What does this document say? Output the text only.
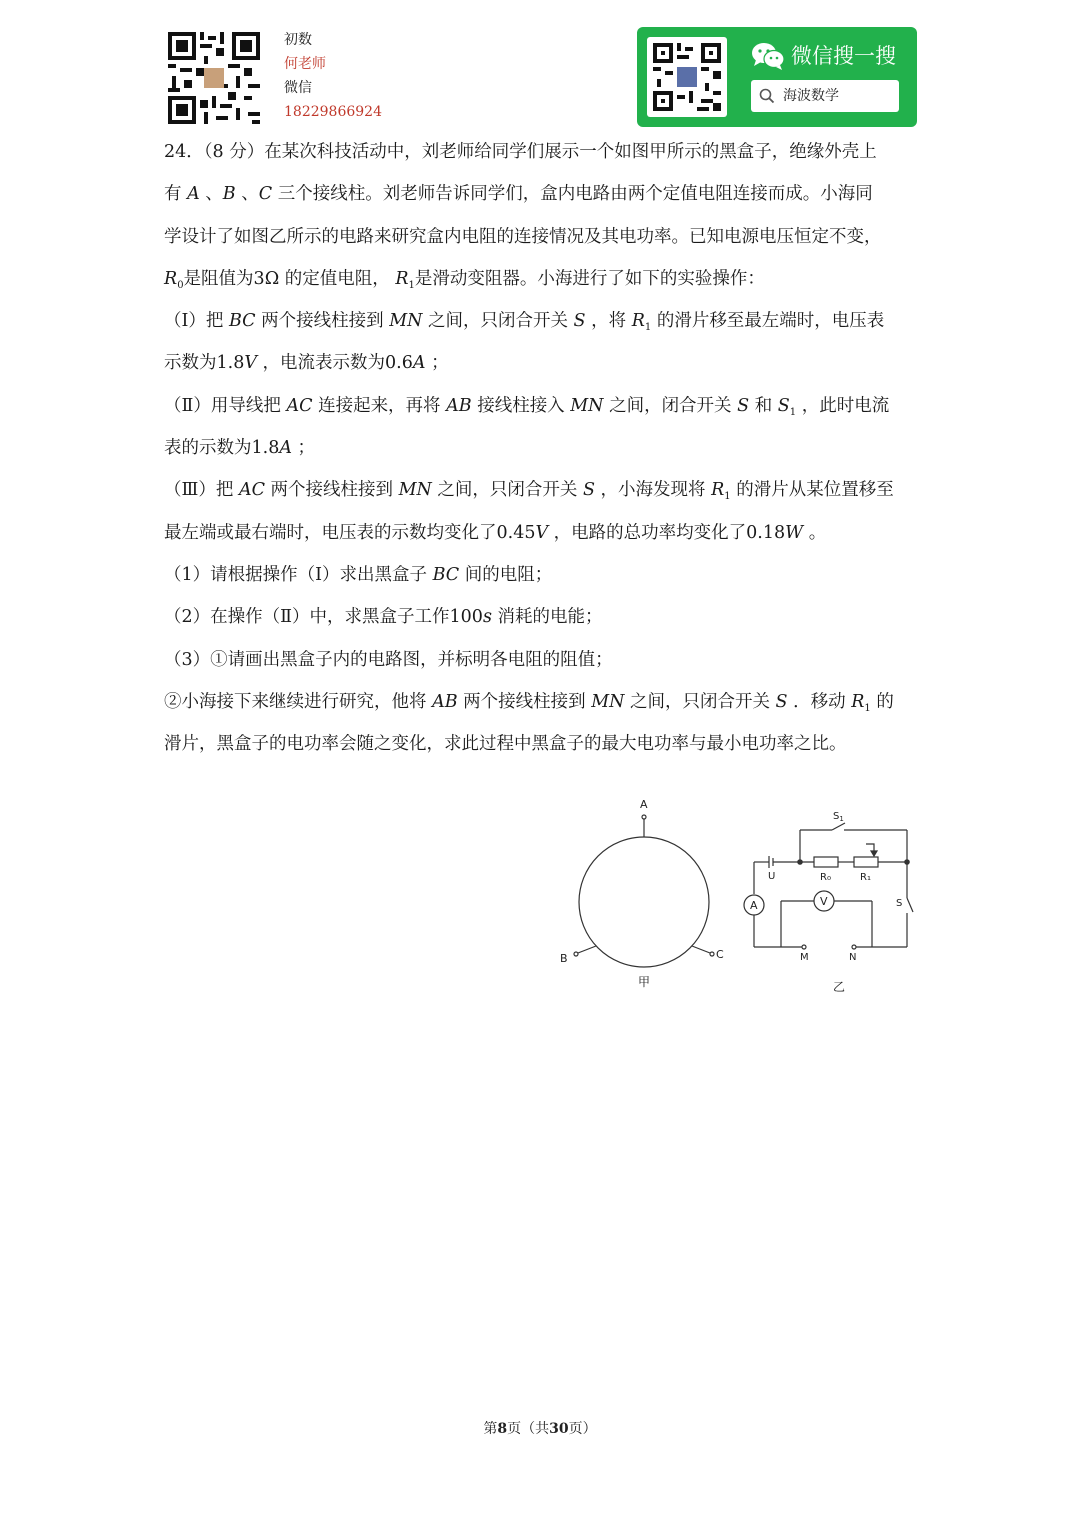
初数
何老师
微信
18229866924
微信搜一搜
海波数学
24．（8 分）在某次科技活动中，刘老师给同学们展示一个如图甲所示的黑盒子，绝缘外壳上
有 A 、B 、C 三个接线柱。刘老师告诉同学们，盒内电路由两个定值电阻连接而成。小海同
学设计了如图乙所示的电路来研究盒内电阻的连接情况及其电功率。已知电源电压恒定不变，
$R_0$是阻值为3Ω 的定值电阻， $R_1$是滑动变阻器。小海进行了如下的实验操作：
（Ⅰ）把 BC 两个接线柱接到 MN 之间，只闭合开关 S ，将 $R_1$ 的滑片移至最左端时，电压表
示数为1.8V ，电流表示数为0.6A ；
（Ⅱ）用导线把 AC 连接起来，再将 AB 接线柱接入 MN 之间，闭合开关 S 和 $S_1$ ，此时电流
表的示数为1.8A ；
（Ⅲ）把 AC 两个接线柱接到 MN 之间，只闭合开关 S ，小海发现将 $R_1$ 的滑片从某位置移至
最左端或最右端时，电压表的示数均变化了0.45V ，电路的总功率均变化了0.18W 。
（1）请根据操作（Ⅰ）求出黑盒子 BC 间的电阻；
（2）在操作（Ⅱ）中，求黑盒子工作100s 消耗的电能；
（3）①请画出黑盒子内的电路图，并标明各电阻的阻值；
②小海接下来继续进行研究，他将 AB 两个接线柱接到 MN 之间，只闭合开关 S ．移动 $R_1$ 的
滑片，黑盒子的电功率会随之变化，求此过程中黑盒子的最大电功率与最小电功率之比。
A
B	C
甲
$S_1$
U	R₀	R₁
A	V	S
M	N
乙
第8页（共30页）
